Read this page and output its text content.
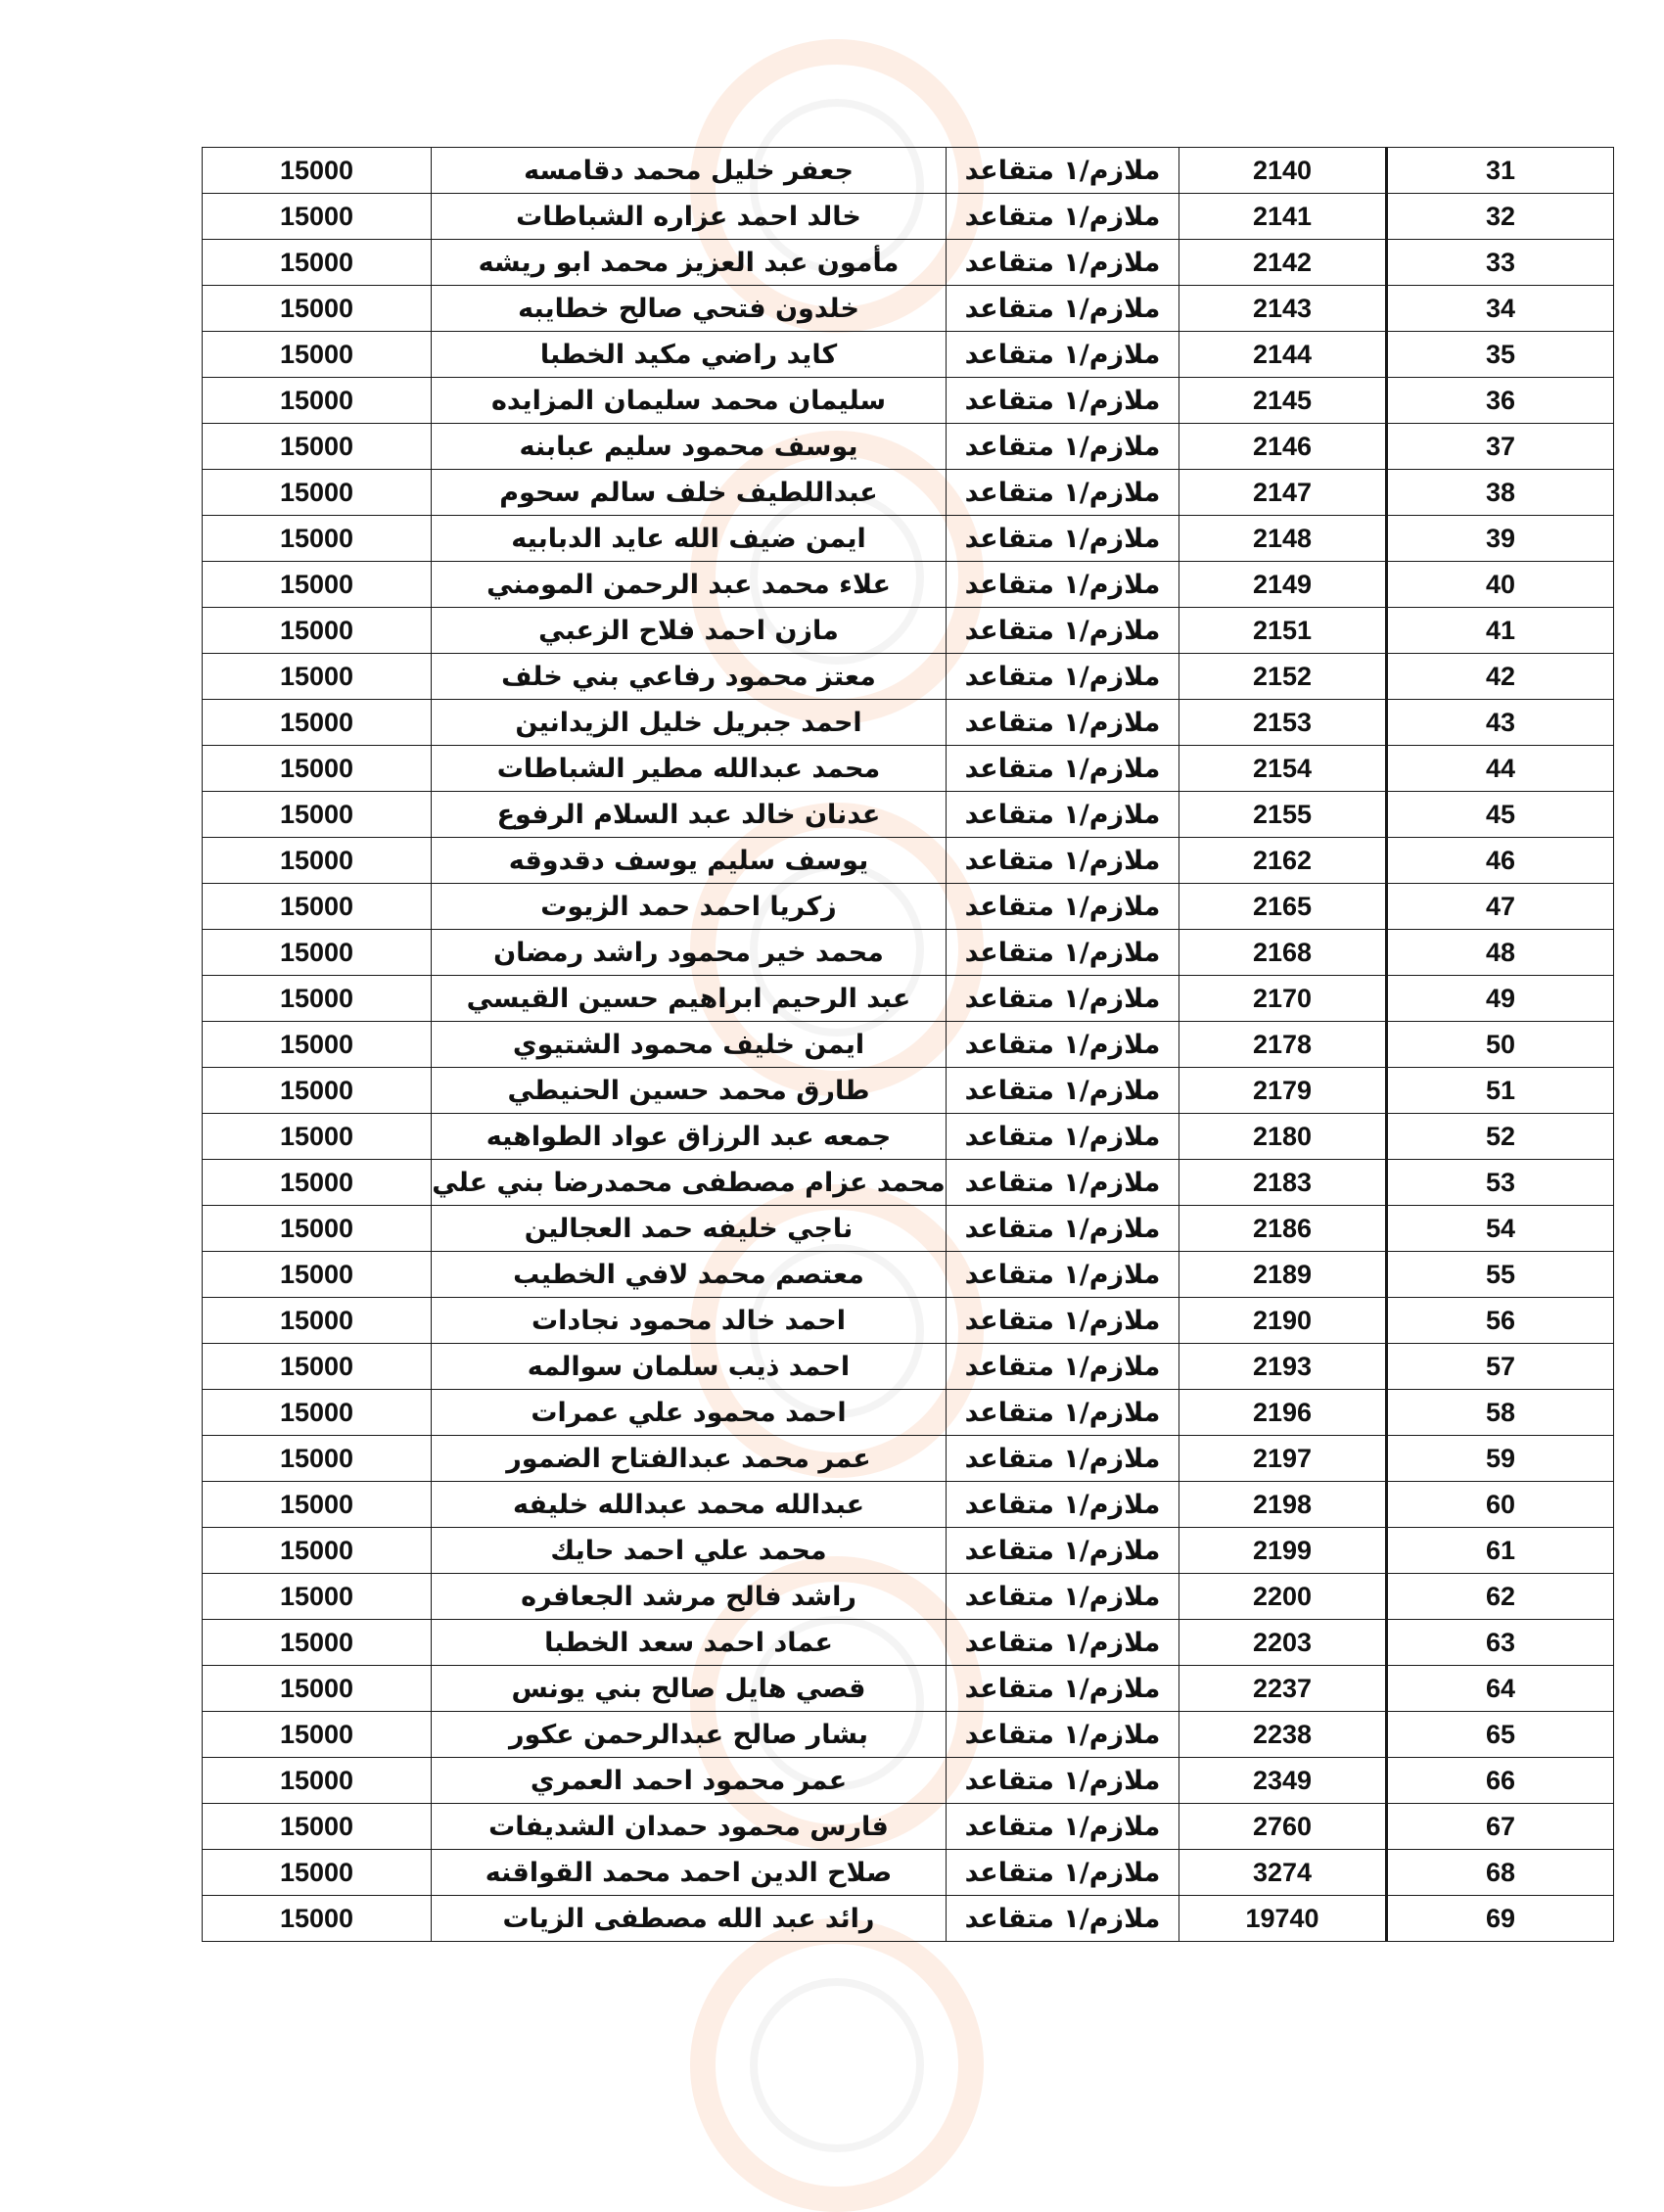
15000	جعفر خليل محمد دقامسه	ملازم/١ متقاعد	2140	31
15000	خالد احمد عزاره الشباطات	ملازم/١ متقاعد	2141	32
15000	مأمون عبد العزيز محمد ابو ريشه	ملازم/١ متقاعد	2142	33
15000	خلدون فتحي صالح خطايبه	ملازم/١ متقاعد	2143	34
15000	كايد راضي مكيد الخطبا	ملازم/١ متقاعد	2144	35
15000	سليمان محمد سليمان المزايده	ملازم/١ متقاعد	2145	36
15000	يوسف محمود سليم عبابنه	ملازم/١ متقاعد	2146	37
15000	عبداللطيف خلف سالم سحوم	ملازم/١ متقاعد	2147	38
15000	ايمن ضيف الله عايد الدبابيه	ملازم/١ متقاعد	2148	39
15000	علاء محمد عبد الرحمن المومني	ملازم/١ متقاعد	2149	40
15000	مازن احمد فلاح الزعبي	ملازم/١ متقاعد	2151	41
15000	معتز محمود رفاعي بني خلف	ملازم/١ متقاعد	2152	42
15000	احمد جبريل خليل الزيدانين	ملازم/١ متقاعد	2153	43
15000	محمد عبدالله مطير الشباطات	ملازم/١ متقاعد	2154	44
15000	عدنان خالد عبد السلام الرفوع	ملازم/١ متقاعد	2155	45
15000	يوسف سليم يوسف دقدوقه	ملازم/١ متقاعد	2162	46
15000	زكريا احمد حمد الزيوت	ملازم/١ متقاعد	2165	47
15000	محمد خير محمود راشد رمضان	ملازم/١ متقاعد	2168	48
15000	عبد الرحيم ابراهيم حسين القيسي	ملازم/١ متقاعد	2170	49
15000	ايمن خليف محمود الشتيوي	ملازم/١ متقاعد	2178	50
15000	طارق محمد حسين الحنيطي	ملازم/١ متقاعد	2179	51
15000	جمعه عبد الرزاق عواد الطواهيه	ملازم/١ متقاعد	2180	52
15000	محمد عزام مصطفى محمدرضا بني علي	ملازم/١ متقاعد	2183	53
15000	ناجي خليفه حمد العجالين	ملازم/١ متقاعد	2186	54
15000	معتصم محمد لافي الخطيب	ملازم/١ متقاعد	2189	55
15000	احمد خالد محمود نجادات	ملازم/١ متقاعد	2190	56
15000	احمد ذيب سلمان سوالمه	ملازم/١ متقاعد	2193	57
15000	احمد محمود علي عمرات	ملازم/١ متقاعد	2196	58
15000	عمر محمد عبدالفتاح الضمور	ملازم/١ متقاعد	2197	59
15000	عبدالله محمد عبدالله خليفه	ملازم/١ متقاعد	2198	60
15000	محمد علي احمد حايك	ملازم/١ متقاعد	2199	61
15000	راشد فالح مرشد الجعافره	ملازم/١ متقاعد	2200	62
15000	عماد احمد سعد الخطبا	ملازم/١ متقاعد	2203	63
15000	قصي هايل صالح بني يونس	ملازم/١ متقاعد	2237	64
15000	بشار صالح عبدالرحمن عكور	ملازم/١ متقاعد	2238	65
15000	عمر محمود احمد العمري	ملازم/١ متقاعد	2349	66
15000	فارس محمود حمدان الشديفات	ملازم/١ متقاعد	2760	67
15000	صلاح الدين احمد محمد القواقنه	ملازم/١ متقاعد	3274	68
15000	رائد عبد الله مصطفى الزيات	ملازم/١ متقاعد	19740	69
